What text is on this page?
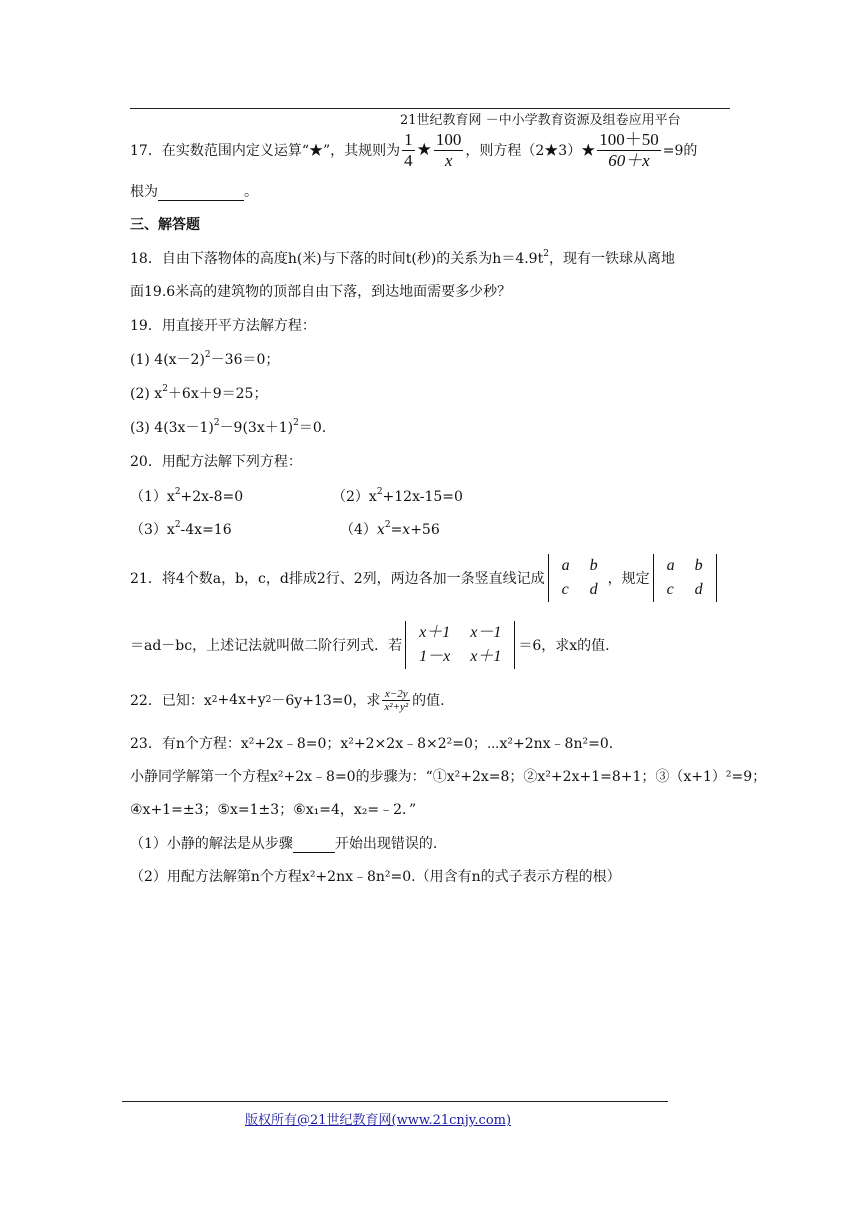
21世纪教育网 －中小学教育资源及组卷应用平台
17．在实数范围内定义运算“★”，其规则为 $\frac{1}{4}$ ★ $\frac{100}{x}$ ，则方程（2★3）★ $\frac{100+50}{60+x} =9$的
根为	。
三、解答题
18．自由下落物体的高度h(米)与下落的时间t(秒)的关系为$h=4.9t^2$，现有一铁球从离地
面19.6米高的建筑物的顶部自由下落，到达地面需要多少秒？
19．用直接开平方法解方程：
(1) $4(x-2)^2-36=0$；
(2) $x^2+6x+9=25$；
(3) $4(3x-1)^2-9(3x+1)^2=0$.
20．用配方法解下列方程：
$(1)x^2+2x-8=0$	$(2)x^2+12x-15=0$
$(3)x^2-4x=16$	$(4)x^2=x+56$
21．将4个数a，b，c，d排成2行、2列，两边各加一条竖直线记成
a	b
c	d
，规定
a	b
c	d
＝ad－bc，上述记法就叫做二阶行列式．若
x＋1	x－1
1－x	x＋1
＝6，求x的值.
22．已知：x 2 +4x+y 2 －6y+13=0，求 $\frac{x-2y}{\text{x²+y²}}$ 的值.
23．有n个方程：x²+2x﹣8=0；x²+2×2x﹣8×2²=0；⋯x²+2nx﹣8n²=0.
小静同学解第一个方程x²+2x﹣8=0的步骤为：“①x²+2x=8；②x²+2x+1=8+1；③（x+1）²=9；
④x+1=±3；⑤x=1±3；⑥x₁=4，x₂=﹣2．”
（1）小静的解法是从步骤	开始出现错误的.
（2）用配方法解第n个方程x²+2nx﹣8n²=0.（用含有n的式子表示方程的根）
版权所有@21世纪教育网(www.21cnjy.com)
